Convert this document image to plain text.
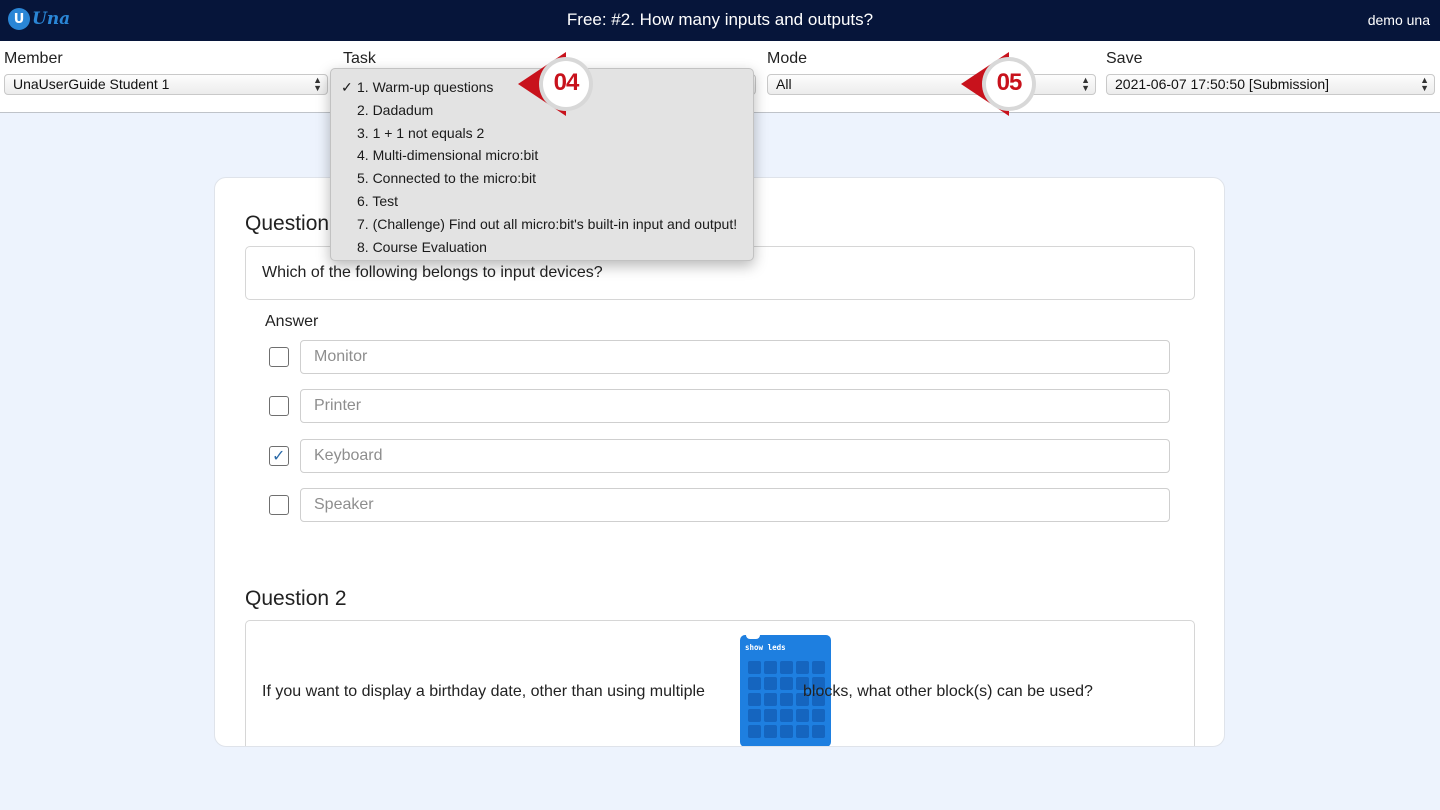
U Una	Free: #2. How many inputs and outputs?	demo una
Member
UnaUserGuide Student 1	▲
▼
Task	Mode
All	▲
▼
Save
2021-06-07 17:50:50 [Submission]	▲
▼
Question
Which of the following belongs to input devices?
Answer
Monitor
Printer
✓	Keyboard
Speaker
Question 2
If you want to display a birthday date, other than using multiple
show leds
blocks, what other block(s) can be used?
✓ 1. Warm-up questions
2. Dadadum
3. 1 + 1 not equals 2
4. Multi-dimensional micro:bit
5. Connected to the micro:bit
6. Test
7. (Challenge) Find out all micro:bit's built-in input and output!
8. Course Evaluation
04	05
